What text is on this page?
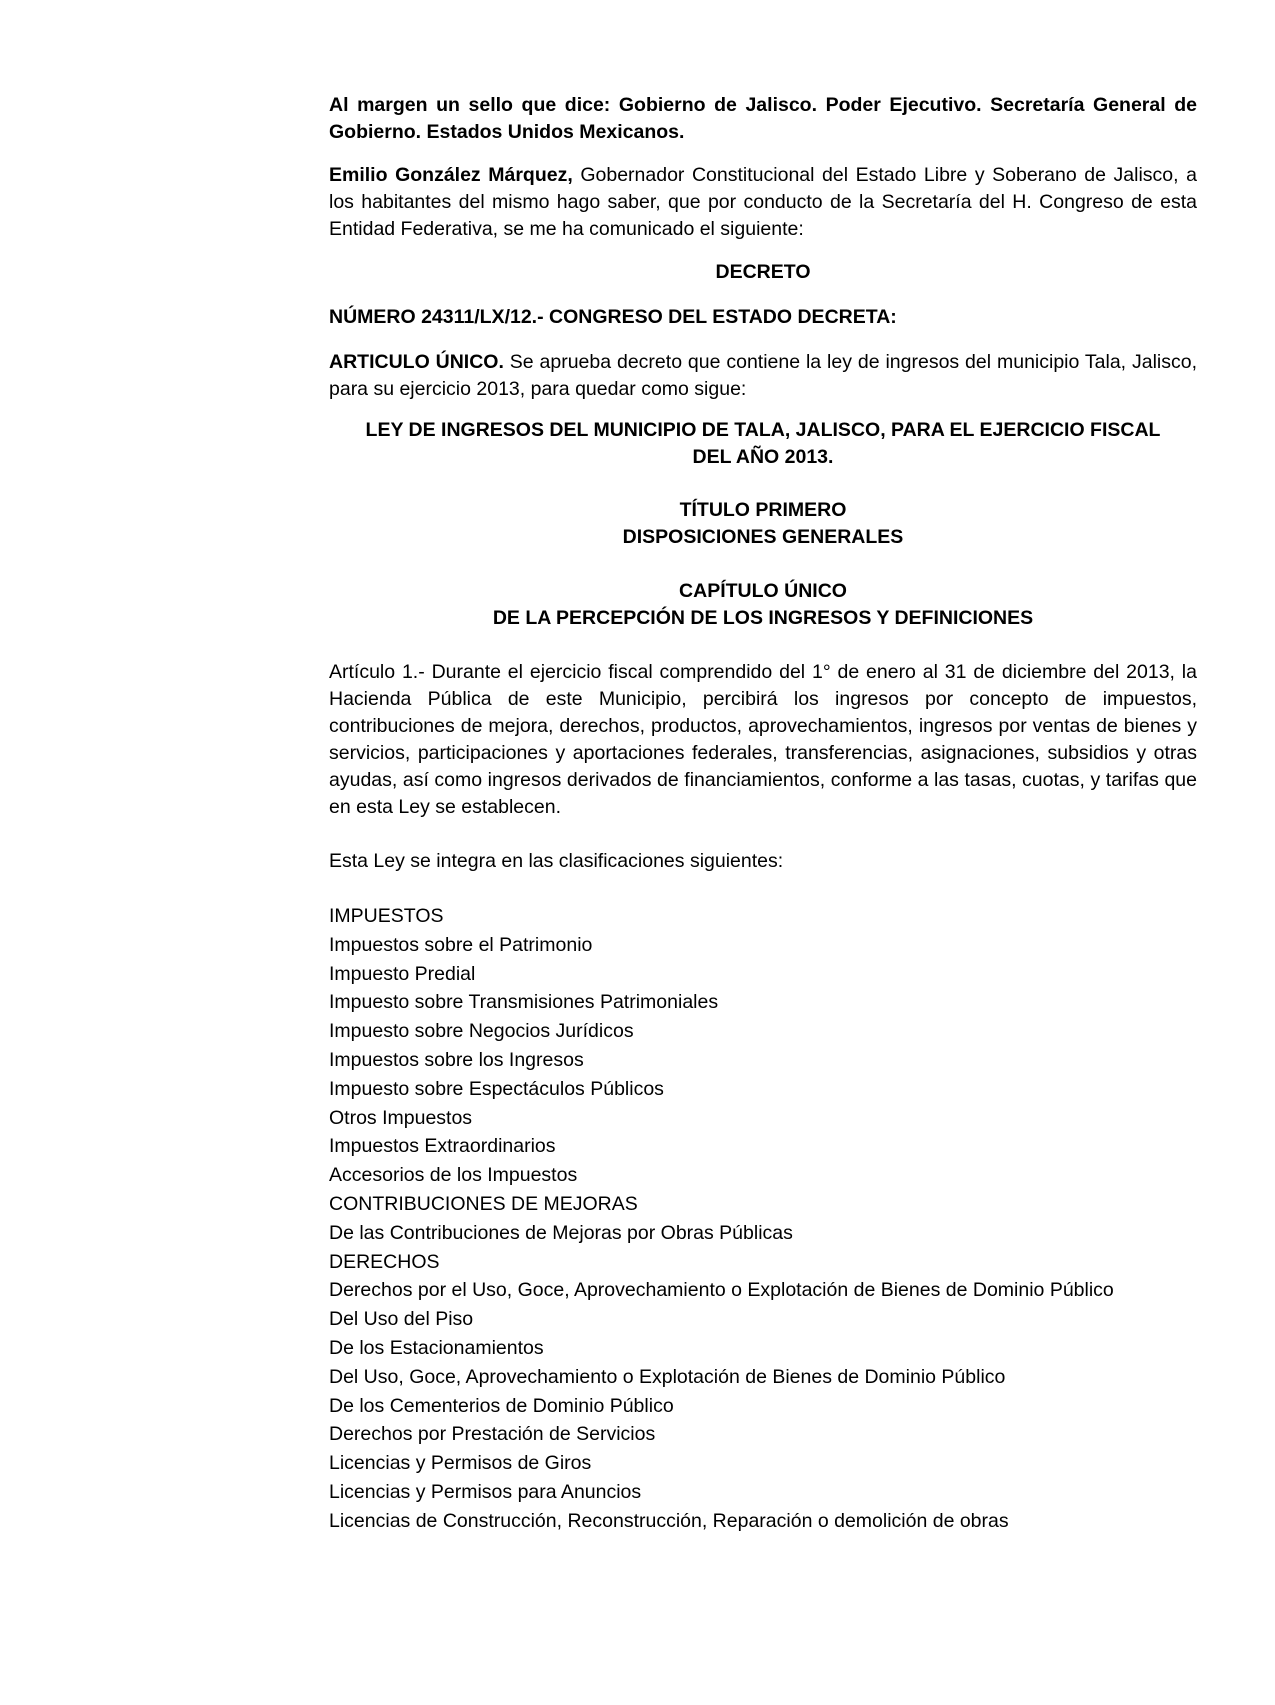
Al margen un sello que dice: Gobierno de Jalisco. Poder Ejecutivo. Secretaría General de Gobierno. Estados Unidos Mexicanos.

Emilio González Márquez, Gobernador Constitucional del Estado Libre y Soberano de Jalisco, a los habitantes del mismo hago saber, que por conducto de la Secretaría del H. Congreso de esta Entidad Federativa, se me ha comunicado el siguiente:

DECRETO

NÚMERO 24311/LX/12.- CONGRESO DEL ESTADO DECRETA:

ARTICULO ÚNICO. Se aprueba decreto que contiene la ley de ingresos del municipio Tala, Jalisco, para su ejercicio 2013, para quedar como sigue:

LEY DE INGRESOS DEL MUNICIPIO DE TALA, JALISCO, PARA EL EJERCICIO FISCAL
DEL AÑO 2013.
TÍTULO PRIMERO
DISPOSICIONES GENERALES
CAPÍTULO ÚNICO
DE LA PERCEPCIÓN DE LOS INGRESOS Y DEFINICIONES

Artículo 1.- Durante el ejercicio fiscal comprendido del 1° de enero al 31 de diciembre del 2013, la Hacienda Pública de este Municipio, percibirá los ingresos por concepto de impuestos, contribuciones de mejora, derechos, productos, aprovechamientos, ingresos por ventas de bienes y servicios, participaciones y aportaciones federales, transferencias, asignaciones, subsidios y otras ayudas, así como ingresos derivados de financiamientos, conforme a las tasas, cuotas, y tarifas que en esta Ley se establecen.

Esta Ley se integra en las clasificaciones siguientes:

IMPUESTOS
Impuestos sobre el Patrimonio
Impuesto Predial
Impuesto sobre Transmisiones Patrimoniales
Impuesto sobre Negocios Jurídicos
Impuestos sobre los Ingresos
Impuesto sobre Espectáculos Públicos
Otros Impuestos
Impuestos Extraordinarios
Accesorios de los Impuestos
CONTRIBUCIONES DE MEJORAS
De las Contribuciones de Mejoras por Obras Públicas
DERECHOS
Derechos por el Uso, Goce, Aprovechamiento o Explotación de Bienes de Dominio Público
Del Uso del Piso
De los Estacionamientos
Del Uso, Goce, Aprovechamiento o Explotación de Bienes de Dominio Público
De los Cementerios de Dominio Público
Derechos por Prestación de Servicios
Licencias y Permisos de Giros
Licencias y Permisos para Anuncios
Licencias de Construcción, Reconstrucción, Reparación o demolición de obras
